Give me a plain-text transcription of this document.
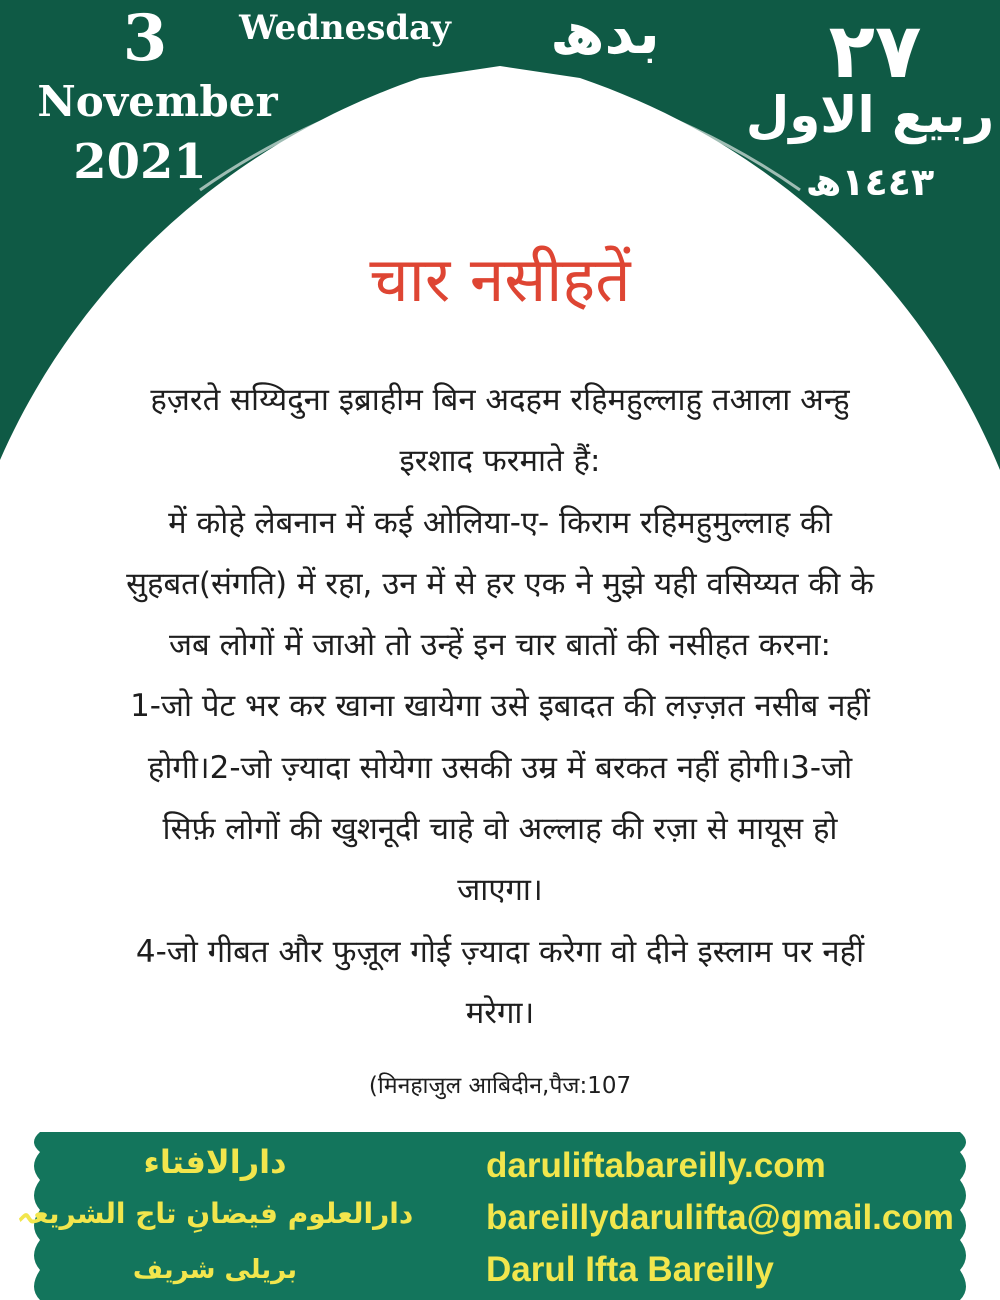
3	Wednesday
November
2021
بدھ ٢٧
ربیع الاول
١٤٤٣ھ
चार नसीहतें
हज़रते सय्यिदुना इब्राहीम बिन अदहम रहिमहुल्लाहु तआला अन्हु
इरशाद फरमाते हैं:
में कोहे लेबनान में कई ओलिया-ए- किराम रहिमहुमुल्लाह की
सुहबत(संगति) में रहा, उन में से हर एक ने मुझे यही वसिय्यत की के
जब लोगों में जाओ तो उन्हें इन चार बातों की नसीहत करना:
1-जो पेट भर कर खाना खायेगा उसे इबादत की लज़्ज़त नसीब नहीं
होगी।2-जो ज़्यादा सोयेगा उसकी उम्र में बरकत नहीं होगी।3-जो
सिर्फ़ लोगों की खुशनूदी चाहे वो अल्लाह की रज़ा से मायूस हो
जाएगा।
4-जो गीबत और फुज़ूल गोई ज़्यादा करेगा वो दीने इस्लाम पर नहीं
मरेगा।
(मिनहाजुल आबिदीन,पैज:107
دارالافتاء
دارالعلوم فیضانِ تاج الشریعہ
بریلی شریف
daruliftabareilly.com
bareillydarulifta@gmail.com
Darul Ifta Bareilly
